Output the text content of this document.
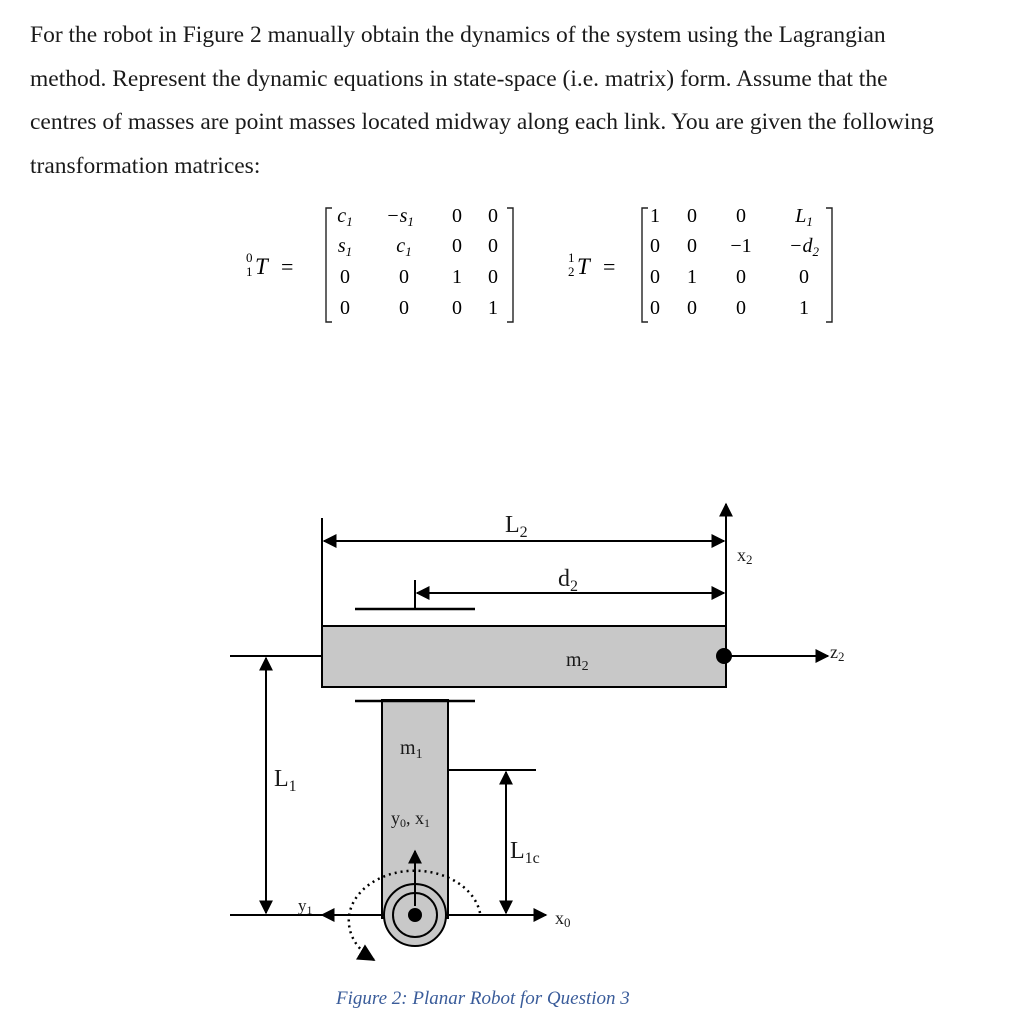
For the robot in Figure 2 manually obtain the dynamics of the system using the Lagrangian
method. Represent the dynamic equations in state-space (i.e. matrix) form. Assume that the
centres of masses are point masses located midway along each link. You are given the following
transformation matrices:
0
1 T =
$c_1 -s_1$ 0 0
$s_1$ $c_1$ 0 0
0 0 1 0
0 0 0 1
1
2 T =
1 0 0 $L_1$
0 $0 -1 -d_2$
0 1 0	0
0 0 0	1
$L_2$
$d_2$
x2
z2
$m_2$
$m_1$
$L_1$
y0, x1
$L_{1c}$
y1	x0
Figure 2: Planar Robot for Question 3
